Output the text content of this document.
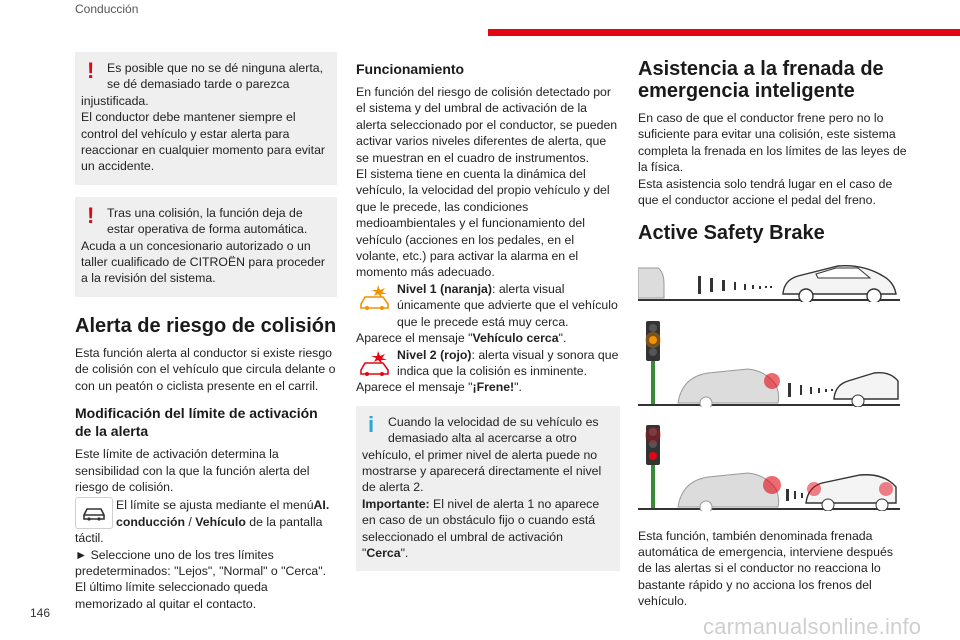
Conducción
!	Es posible que no se dé ninguna alerta, se dé demasiado tarde o parezca

injustificada.
El conductor debe mantener siempre el control del vehículo y estar alerta para reaccionar en cualquier momento para evitar un accidente.

!	Tras una colisión, la función deja de estar operativa de forma automática.

Acuda a un concesionario autorizado o un taller cualificado de CITROËN para proceder a la revisión del sistema.

Alerta de riesgo de colisión

Esta función alerta al conductor si existe riesgo de colisión con el vehículo que circula delante o con un peatón o ciclista presente en el carril.

Modificación del límite de activación de la alerta

Este límite de activación determina la sensibilidad con la que la función alerta del riesgo de colisión.

El límite se ajusta mediante el menúAI. conducción / Vehículo de la pantalla

táctil.

► Seleccione uno de los tres límites predeterminados: "Lejos", "Normal" o "Cerca".

El último límite seleccionado queda memorizado al quitar el contacto.

Funcionamiento

En función del riesgo de colisión detectado por el sistema y del umbral de activación de la alerta seleccionado por el conductor, se pueden activar varios niveles diferentes de alerta, que se muestran en el cuadro de instrumentos.
El sistema tiene en cuenta la dinámica del vehículo, la velocidad del propio vehículo y del que le precede, las condiciones medioambientales y el funcionamiento del vehículo (acciones en los pedales, en el volante, etc.) para activar la alarma en el momento más adecuado.

Nivel 1 (naranja): alerta visual únicamente que advierte que el vehículo que le precede está muy cerca.

Aparece el mensaje "Vehículo cerca".

Nivel 2 (rojo): alerta visual y sonora que indica que la colisión es inminente.

Aparece el mensaje "¡Frene!".

i	Cuando la velocidad de su vehículo es demasiado alta al acercarse a otro

vehículo, el primer nivel de alerta puede no mostrarse y aparecerá directamente el nivel de alerta 2.

Importante: El nivel de alerta 1 no aparece en caso de un obstáculo fijo o cuando está seleccionado el umbral de activación "Cerca".

Asistencia a la frenada de emergencia inteligente

En caso de que el conductor frene pero no lo suficiente para evitar una colisión, este sistema completa la frenada en los límites de las leyes de la física.
Esta asistencia solo tendrá lugar en el caso de que el conductor accione el pedal del freno.

Active Safety Brake

Esta función, también denominada frenada automática de emergencia, interviene después de las alertas si el conductor no reacciona lo bastante rápido y no acciona los frenos del vehículo.

146
carmanualsonline.info
